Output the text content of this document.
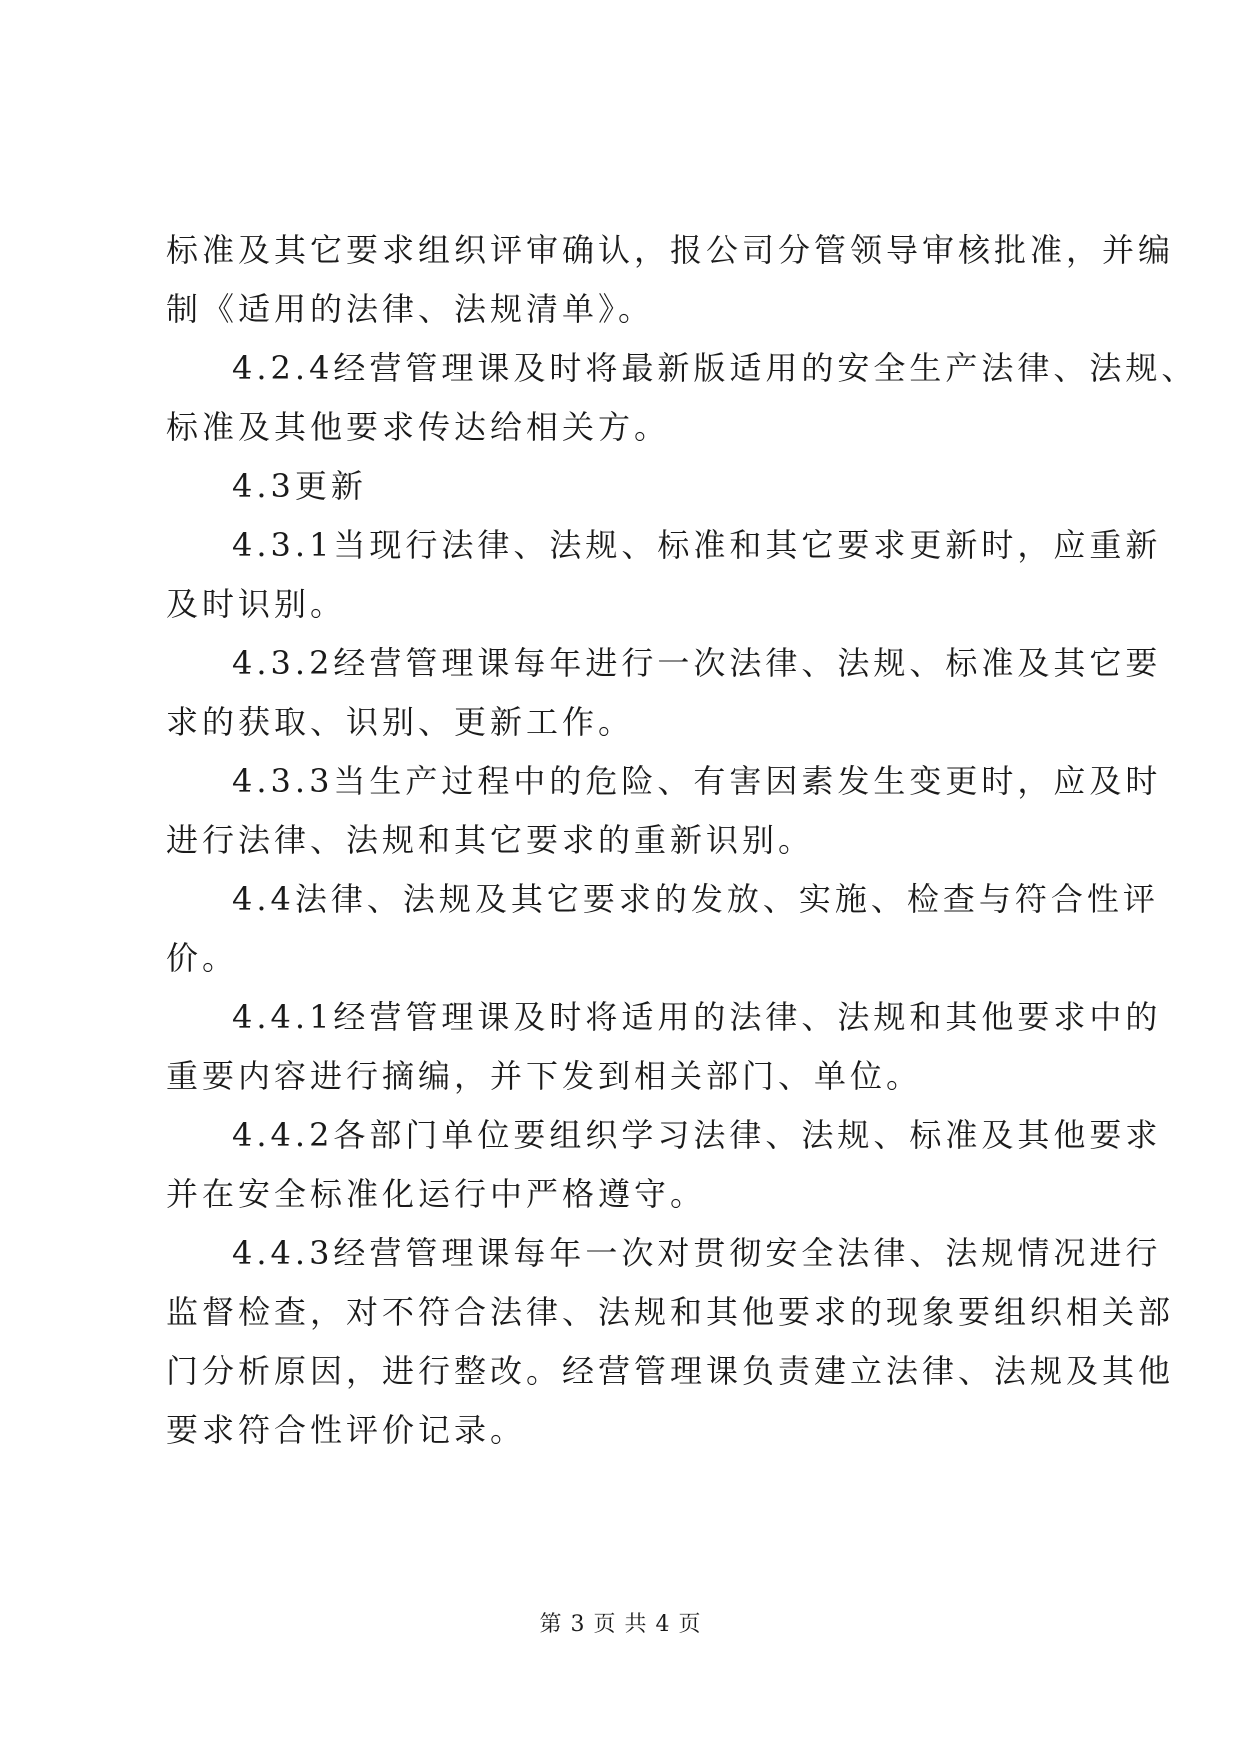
标准及其它要求组织评审确认，报公司分管领导审核批准，并编
制《适用的法律、法规清单》。
4.2.4经营管理课及时将最新版适用的安全生产法律、法规、
标准及其他要求传达给相关方。
4.3更新
4.3.1当现行法律、法规、标准和其它要求更新时，应重新
及时识别。
4.3.2经营管理课每年进行一次法律、法规、标准及其它要
求的获取、识别、更新工作。
4.3.3当生产过程中的危险、有害因素发生变更时，应及时
进行法律、法规和其它要求的重新识别。
4.4法律、法规及其它要求的发放、实施、检查与符合性评
价。
4.4.1经营管理课及时将适用的法律、法规和其他要求中的
重要内容进行摘编，并下发到相关部门、单位。
4.4.2各部门单位要组织学习法律、法规、标准及其他要求
并在安全标准化运行中严格遵守。
4.4.3经营管理课每年一次对贯彻安全法律、法规情况进行
监督检查，对不符合法律、法规和其他要求的现象要组织相关部
门分析原因，进行整改。经营管理课负责建立法律、法规及其他
要求符合性评价记录。
第 3 页 共 4 页
